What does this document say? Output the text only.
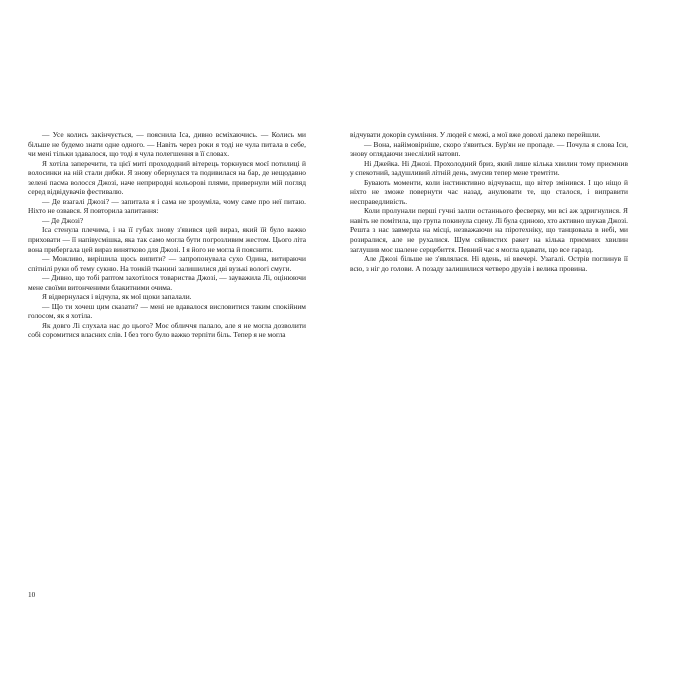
— Усе колись закінчується, — пояснила Іса, дивно всміхаючись. — Колись ми більше не будемо знати одне одного. — Навіть через роки я тоді не чула питала в себе, чи мені тільки здавалося, що тоді я чула полегшення в її словах.

Я хотіла заперечити, та цієї миті прохододний вітерець торкнувся моєї потилиці й волосинки на ній стали дибки. Я знову обернулася та подивилася на бар, де нещодавно зелені пасма волосся Джозі, наче неприродні кольорові плями, привернули мій погляд серед відвідувачів фестивалю.

— Де взагалі Джозі? — запитала я і сама не зрозуміла, чому саме про неї питаю. Ніхто не озвався. Я повторила запитання:

— Де Джозі?

Іса стенула плечима, і на її губах знову з'явився цей вираз, який їй було важко приховати — її напівусмішка, яка так само могла бути погрозливим жестом. Цього літа вона прибергала цей вираз винятково для Джозі. І я його не могла й пояснити.

— Можливо, вирішила щось випити? — запропонувала сухо Одина, витираючи спітнілі руки об тему сукню. На тонкій тканині залишилися дві вузькі вологі смуги.

— Дивно, що тобі раптом захотілося товариства Джозі, — зауважила Лі, оцінюючи мене своїми витонченими блакитними очима.

Я відвернулася і відчула, як мої щоки запалали.

— Що ти хочеш цим сказати? — мені не вдавалося висловитися таким спокійним голосом, як я хотіла.

Як довго Лі слухала нас до цього? Моє обличчя палало, але я не могла дозволити собі соромитися власних слів. І без того було важко терпіти біль. Тепер я не могла

відчувати докорів сумління. У людей є межі, а мої вже доволі далеко перейшли.

— Вона, найімовірніше, скоро з'явиться. Бур'ян не пропаде. — Почула я слова Іси, знову оглядаючи знеслілий натовп.

Ні Джейка. Ні Джозі. Прохолодний бриз, який лише кілька хвилин тому приємнив у спекотний, задушливий літній день, змусив тепер мене тремтіти.

Бувають моменти, коли інстинктивно відчуваєш, що вітер змінився. І що ніщо й ніхто не зможе повернути час назад, анулювати те, що сталося, і виправити несправедливість.

Коли пролунали перші гучні залпи останнього фесверку, ми всі аж здригнулися. Я навіть не помітила, що група покинула сцену. Лі була єдиною, хто активно шукав Джозі. Решта з нас завмерла на місці, незважаючи на піротехніку, що танцювала в небі, ми розиралися, але не рухалися. Шум сяйнистих ракет на кілька приємних хвилин заглушив моє шалене серцебиття. Певний час я могла вдавати, що все гаразд.

Але Джозі більше не з'являлася. Ні вдень, ні ввечері. Узагалі. Острів поглинув її всю, з ніг до голови. А позаду залишилися четверо друзів і велика провина.

10
